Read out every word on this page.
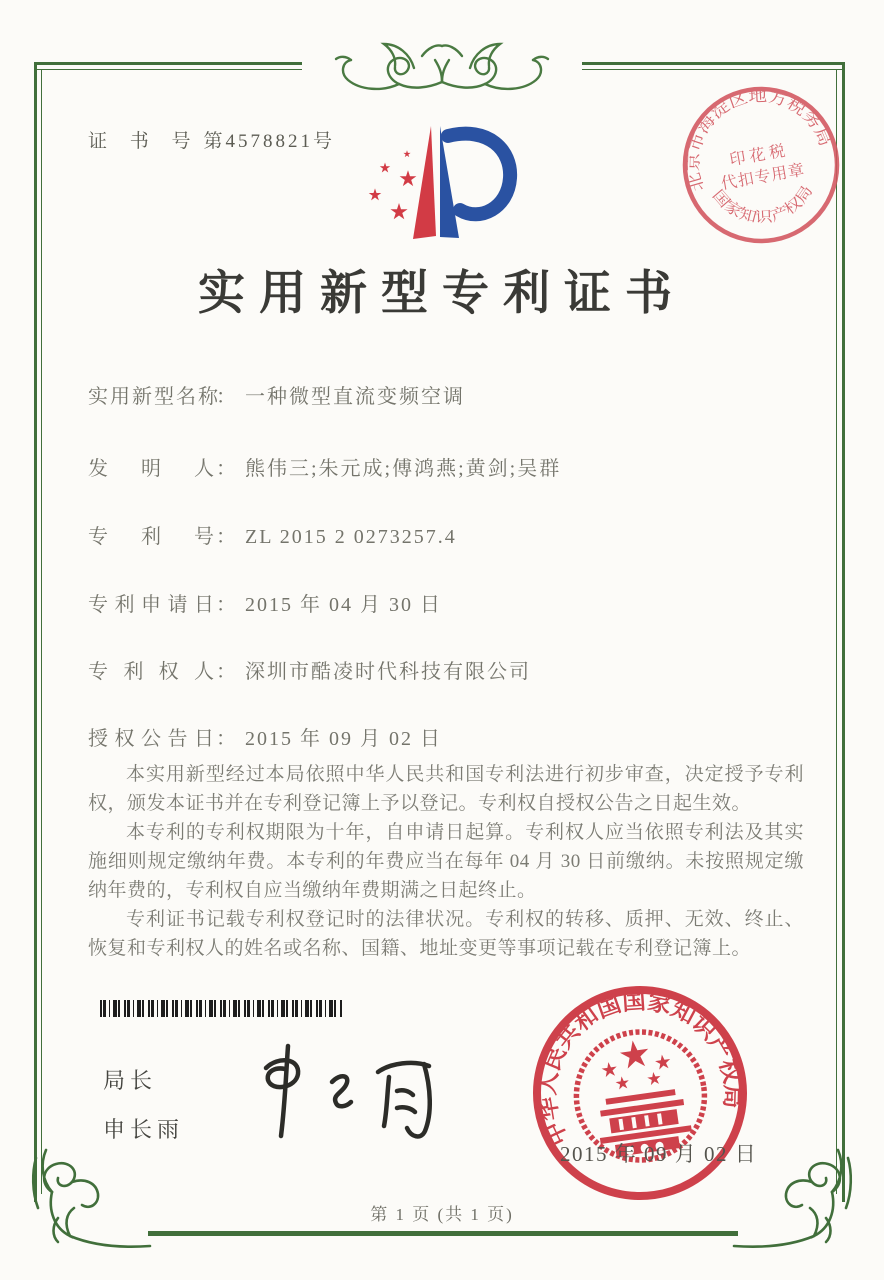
证 书 号 第4578821号
北京市海淀区地方税务局
国家知识产权局
印花税
代扣专用章
实用新型专利证书
实用新型名称： 一种微型直流变频空调
发明人： 熊伟三;朱元成;傅鸿燕;黄剑;吴群
专利号： ZL 2015 2 0273257.4
专利申请日： 2015 年 04 月 30 日
专利权人： 深圳市酷凌时代科技有限公司
授权公告日： 2015 年 09 月 02 日

本实用新型经过本局依照中华人民共和国专利法进行初步审查，决定授予专利权，颁发本证书并在专利登记簿上予以登记。专利权自授权公告之日起生效。

本专利的专利权期限为十年，自申请日起算。专利权人应当依照专利法及其实施细则规定缴纳年费。本专利的年费应当在每年 04 月 30 日前缴纳。未按照规定缴纳年费的，专利权自应当缴纳年费期满之日起终止。

专利证书记载专利权登记时的法律状况。专利权的转移、质押、无效、终止、恢复和专利权人的姓名或名称、国籍、地址变更等事项记载在专利登记簿上。

局长
申长雨	中华人民共和国国家知识产权局
2015 年 09 月 02 日
第 1 页 (共 1 页)
